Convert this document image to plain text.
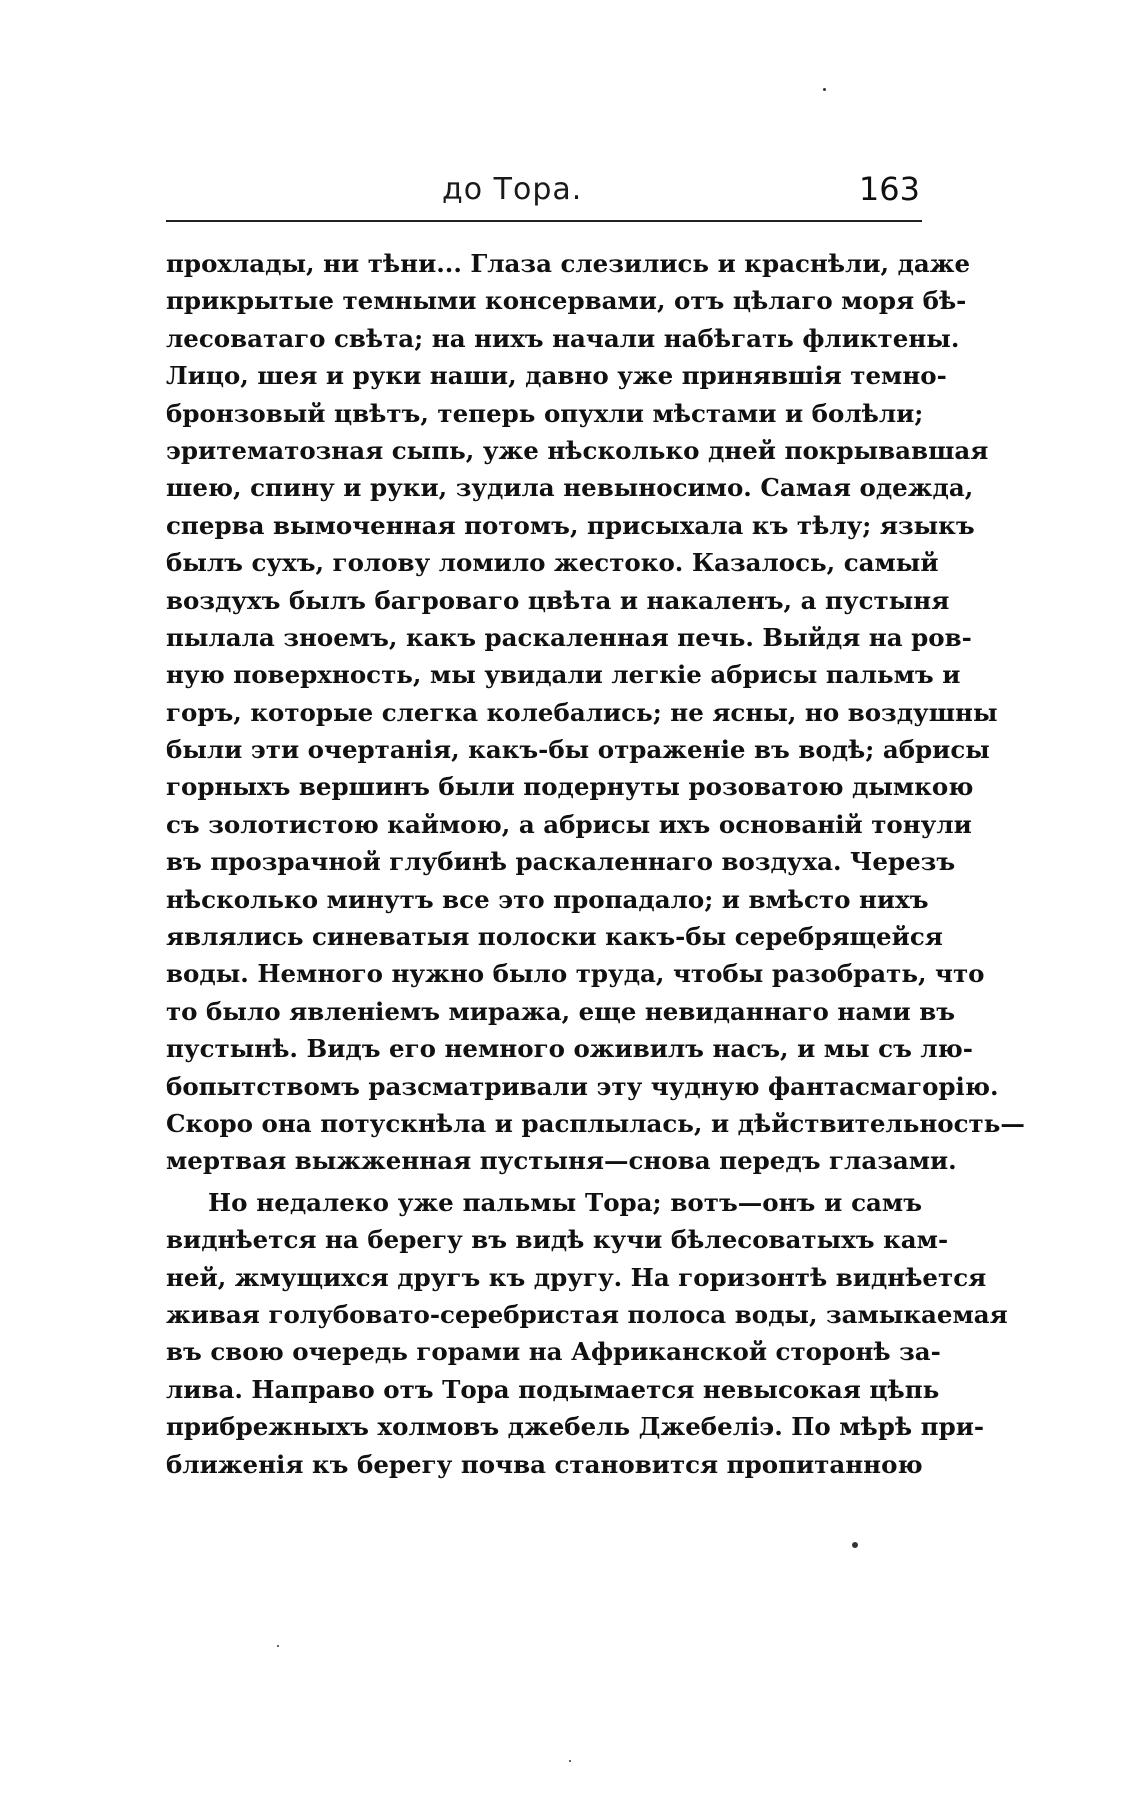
до Тора.	163
прохлады, ни тѣни... Глаза слезились и краснѣли, даже
прикрытые темными консервами, отъ цѣлаго моря бѣ-
лесоватаго свѣта; на нихъ начали набѣгать фликтены.
Лицо, шея и руки наши, давно уже принявшія темно-
бронзовый цвѣтъ, теперь опухли мѣстами и болѣли;
эритематозная сыпь, уже нѣсколько дней покрывавшая
шею, спину и руки, зудила невыносимо. Самая одежда,
сперва вымоченная потомъ, присыхала къ тѣлу; языкъ
былъ сухъ, голову ломило жестоко. Казалось, самый
воздухъ былъ багроваго цвѣта и накаленъ, а пустыня
пылала зноемъ, какъ раскаленная печь. Выйдя на ров-
ную поверхность, мы увидали легкіе абрисы пальмъ и
горъ, которые слегка колебались; не ясны, но воздушны
были эти очертанія, какъ-бы отраженіе въ водѣ; абрисы
горныхъ вершинъ были подернуты розоватою дымкою
съ золотистою каймою, а абрисы ихъ основаній тонули
въ прозрачной глубинѣ раскаленнаго воздуха. Черезъ
нѣсколько минутъ все это пропадало; и вмѣсто нихъ
являлись синеватыя полоски какъ-бы серебрящейся
воды. Немного нужно было труда, чтобы разобрать, что
то было явленіемъ миража, еще невиданнаго нами въ
пустынѣ. Видъ его немного оживилъ насъ, и мы съ лю-
бопытствомъ разсматривали эту чудную фантасмагорію.
Скоро она потускнѣла и расплылась, и дѣйствительность—
мертвая выжженная пустыня—снова передъ глазами.
Но недалеко уже пальмы Тора; вотъ—онъ и самъ
виднѣется на берегу въ видѣ кучи бѣлесоватыхъ кам-
ней, жмущихся другъ къ другу. На горизонтѣ виднѣется
живая голубовато-серебристая полоса воды, замыкаемая
въ свою очередь горами на Африканской сторонѣ за-
лива. Направо отъ Тора подымается невысокая цѣпь
прибрежныхъ холмовъ джебель Джебеліэ. По мѣрѣ при-
ближенія къ берегу почва становится пропитанною
